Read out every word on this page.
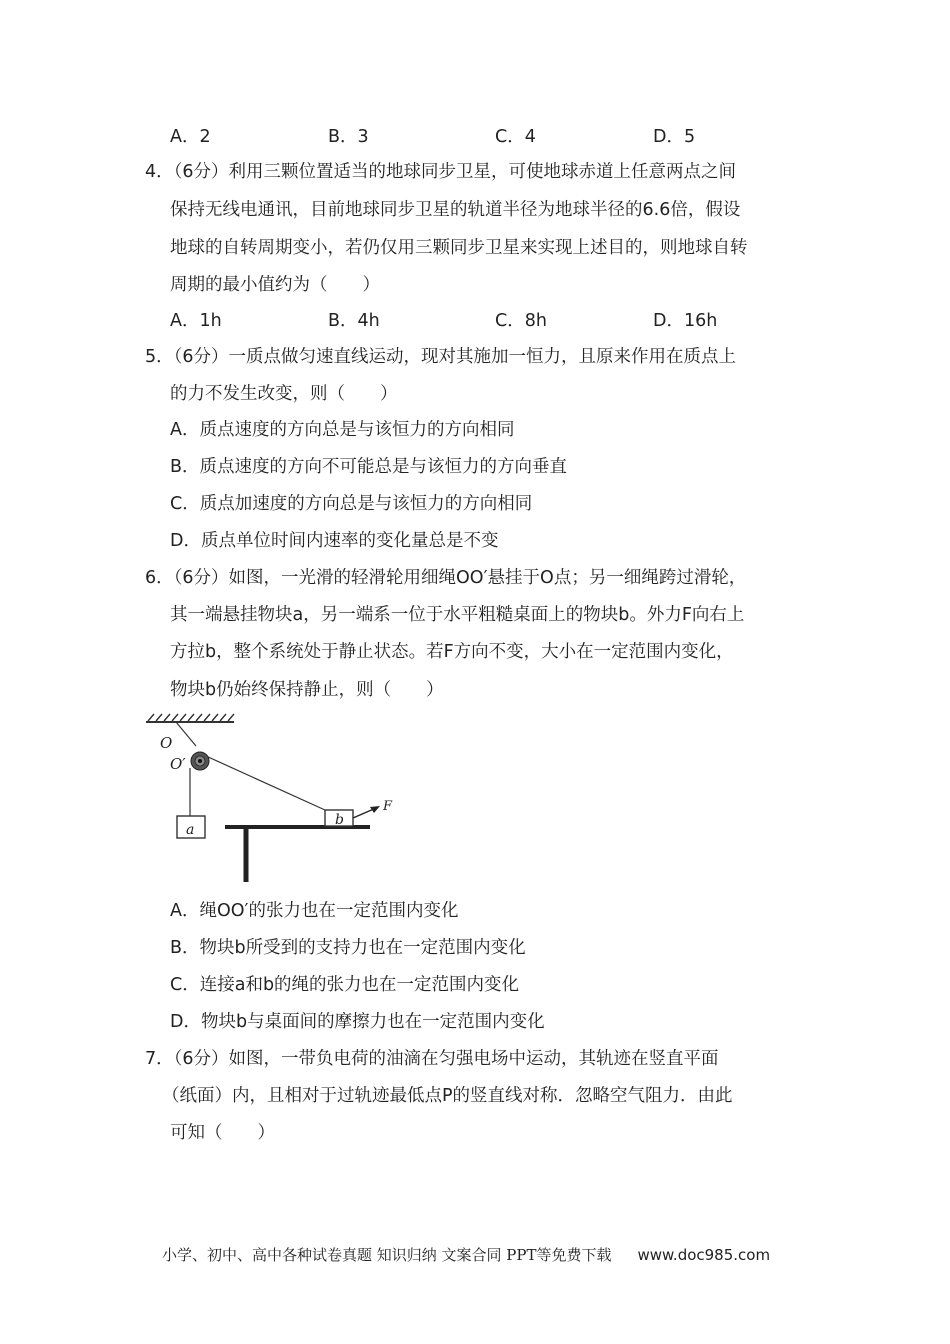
A．2	B．3	C．4	D．5
4．（6分）利用三颗位置适当的地球同步卫星，可使地球赤道上任意两点之间
保持无线电通讯，目前地球同步卫星的轨道半径为地球半径的6.6倍，假设
地球的自转周期变小，若仍仅用三颗同步卫星来实现上述目的，则地球自转
周期的最小值约为（　　）
A．1h	B．4h	C．8h	D．16h
5．（6分）一质点做匀速直线运动，现对其施加一恒力，且原来作用在质点上
的力不发生改变，则（　　）
A．质点速度的方向总是与该恒力的方向相同
B．质点速度的方向不可能总是与该恒力的方向垂直
C．质点加速度的方向总是与该恒力的方向相同
D．质点单位时间内速率的变化量总是不变
6．（6分）如图，一光滑的轻滑轮用细绳OO′悬挂于O点；另一细绳跨过滑轮，
其一端悬挂物块a，另一端系一位于水平粗糙桌面上的物块b。外力F向右上
方拉b，整个系统处于静止状态。若F方向不变，大小在一定范围内变化，
物块b仍始终保持静止，则（　　）
O
O′
a
b
F
A．绳OO′的张力也在一定范围内变化
B．物块b所受到的支持力也在一定范围内变化
C．连接a和b的绳的张力也在一定范围内变化
D．物块b与桌面间的摩擦力也在一定范围内变化
7．（6分）如图，一带负电荷的油滴在匀强电场中运动，其轨迹在竖直平面
（纸面）内，且相对于过轨迹最低点P的竖直线对称．忽略空气阻力．由此
可知（　　）
小学、初中、高中各种试卷真题 知识归纳 文案合同 PPT等免费下载 www.doc985.com
